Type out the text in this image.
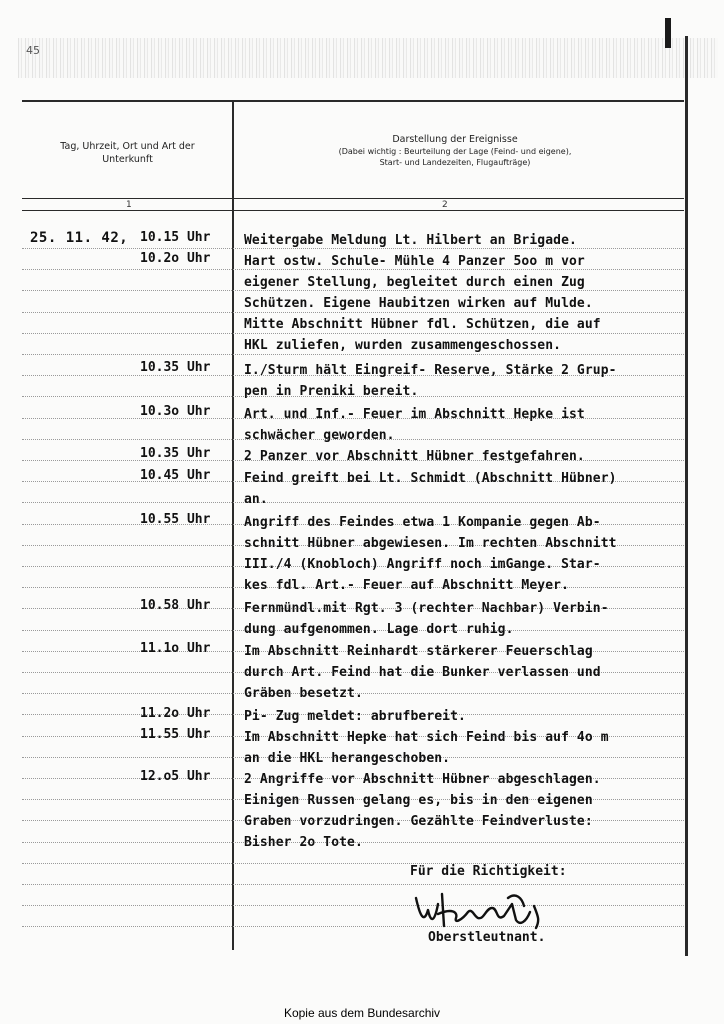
45
Tag, Uhrzeit, Ort und Art der Unterkunft
Darstellung der Ereignisse
(Dabei wichtig : Beurteilung der Lage (Feind- und eigene),
Start- und Landezeiten, Flugaufträge)
1	2
25. 11. 42, 10.15 Uhr	Weitergabe Meldung Lt. Hilbert an Brigade.
10.2o Uhr	Hart ostw. Schule- Mühle 4 Panzer 5oo m vor
eigener Stellung, begleitet durch einen Zug
Schützen. Eigene Haubitzen wirken auf Mulde.
Mitte Abschnitt Hübner fdl. Schützen, die auf
HKL zuliefen, wurden zusammengeschossen.
10.35 Uhr	I./Sturm hält Eingreif- Reserve, Stärke 2 Grup-
pen in Preniki bereit.
10.3o Uhr	Art. und Inf.- Feuer im Abschnitt Hepke ist
schwächer geworden.
10.35 Uhr	2 Panzer vor Abschnitt Hübner festgefahren.
10.45 Uhr	Feind greift bei Lt. Schmidt (Abschnitt Hübner)
an.
10.55 Uhr	Angriff des Feindes etwa 1 Kompanie gegen Ab-
schnitt Hübner abgewiesen. Im rechten Abschnitt
III./4 (Knobloch) Angriff noch imGange. Star-
kes fdl. Art.- Feuer auf Abschnitt Meyer.
10.58 Uhr	Fernmündl.mit Rgt. 3 (rechter Nachbar) Verbin-
dung aufgenommen. Lage dort ruhig.
11.1o Uhr	Im Abschnitt Reinhardt stärkerer Feuerschlag
durch Art. Feind hat die Bunker verlassen und
Gräben besetzt.
11.2o Uhr	Pi- Zug meldet: abrufbereit.
11.55 Uhr	Im Abschnitt Hepke hat sich Feind bis auf 4o m
an die HKL herangeschoben.
12.o5 Uhr	2 Angriffe vor Abschnitt Hübner abgeschlagen.
Einigen Russen gelang es, bis in den eigenen
Graben vorzudringen. Gezählte Feindverluste:
Bisher 2o Tote.
Für die Richtigkeit:
Oberstleutnant.
Kopie aus dem Bundesarchiv
